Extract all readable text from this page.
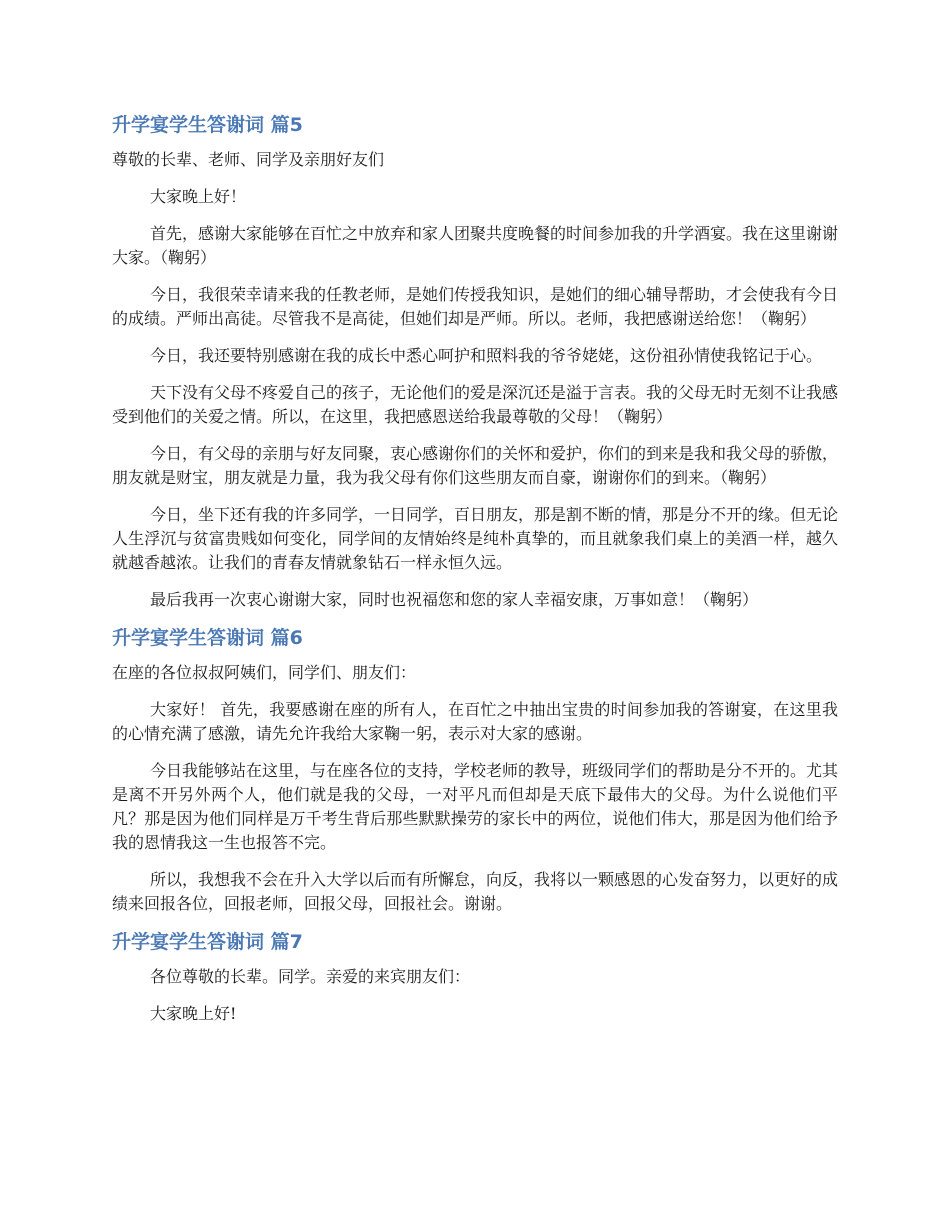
升学宴学生答谢词 篇5

尊敬的长辈、老师、同学及亲朋好友们

大家晚上好！

首先，感谢大家能够在百忙之中放弃和家人团聚共度晚餐的时间参加我的升学酒宴。我在这里谢谢大家。（鞠躬）

今日，我很荣幸请来我的任教老师，是她们传授我知识，是她们的细心辅导帮助，才会使我有今日的成绩。严师出高徒。尽管我不是高徒，但她们却是严师。所以。老师，我把感谢送给您！（鞠躬）

今日，我还要特别感谢在我的成长中悉心呵护和照料我的爷爷姥姥，这份祖孙情使我铭记于心。

天下没有父母不疼爱自己的孩子，无论他们的爱是深沉还是溢于言表。我的父母无时无刻不让我感受到他们的关爱之情。所以，在这里，我把感恩送给我最尊敬的父母！（鞠躬）

今日，有父母的亲朋与好友同聚，衷心感谢你们的关怀和爱护，你们的到来是我和我父母的骄傲，朋友就是财宝，朋友就是力量，我为我父母有你们这些朋友而自豪，谢谢你们的到来。（鞠躬）

今日，坐下还有我的许多同学，一日同学，百日朋友，那是割不断的情，那是分不开的缘。但无论人生浮沉与贫富贵贱如何变化，同学间的友情始终是纯朴真挚的，而且就象我们桌上的美酒一样，越久就越香越浓。让我们的青春友情就象钻石一样永恒久远。

最后我再一次衷心谢谢大家，同时也祝福您和您的家人幸福安康，万事如意！（鞠躬）

升学宴学生答谢词 篇6

在座的各位叔叔阿姨们，同学们、朋友们：

大家好！ 首先，我要感谢在座的所有人，在百忙之中抽出宝贵的时间参加我的答谢宴，在这里我的心情充满了感激，请先允许我给大家鞠一躬，表示对大家的感谢。

今日我能够站在这里，与在座各位的支持，学校老师的教导，班级同学们的帮助是分不开的。尤其是离不开另外两个人，他们就是我的父母，一对平凡而但却是天底下最伟大的父母。为什么说他们平凡？那是因为他们同样是万千考生背后那些默默操劳的家长中的两位，说他们伟大，那是因为他们给予我的恩情我这一生也报答不完。

所以，我想我不会在升入大学以后而有所懈怠，向反，我将以一颗感恩的心发奋努力，以更好的成绩来回报各位，回报老师，回报父母，回报社会。谢谢。

升学宴学生答谢词 篇7

各位尊敬的长辈。同学。亲爱的来宾朋友们：

大家晚上好!
